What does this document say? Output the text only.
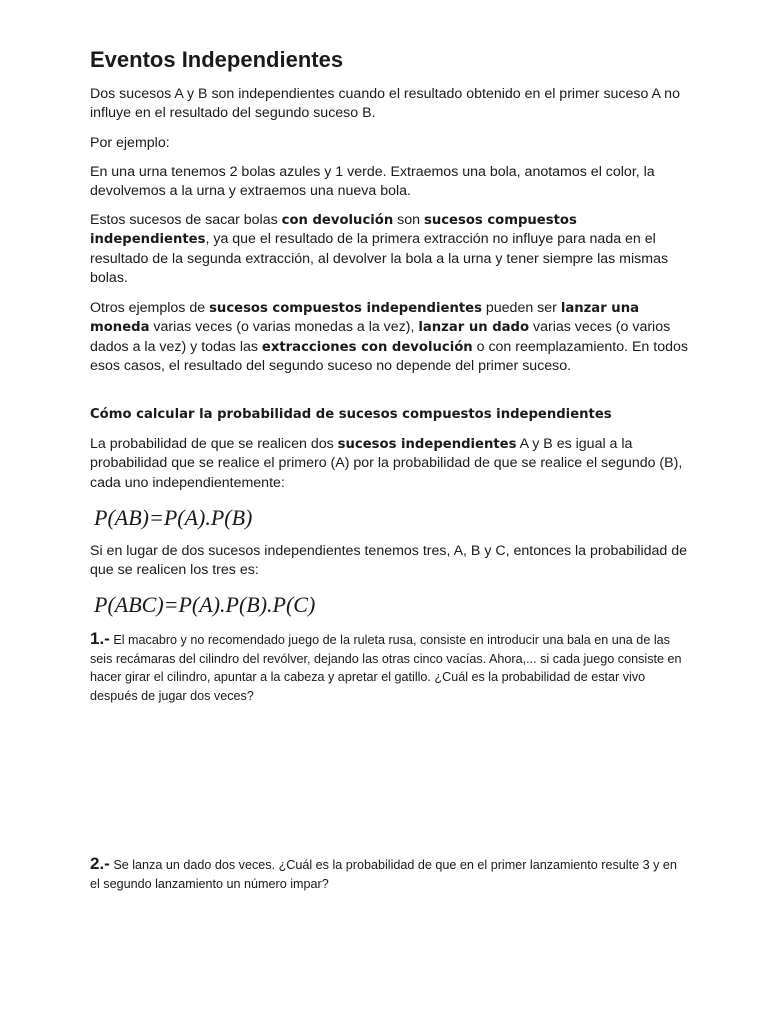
Eventos Independientes

Dos sucesos A y B son independientes cuando el resultado obtenido en el primer suceso A no influye en el resultado del segundo suceso B.

Por ejemplo:

En una urna tenemos 2 bolas azules y 1 verde. Extraemos una bola, anotamos el color, la devolvemos a la urna y extraemos una nueva bola.

Estos sucesos de sacar bolas con devolución son sucesos compuestos independientes, ya que el resultado de la primera extracción no influye para nada en el resultado de la segunda extracción, al devolver la bola a la urna y tener siempre las mismas bolas.

Otros ejemplos de sucesos compuestos independientes pueden ser lanzar una moneda varias veces (o varias monedas a la vez), lanzar un dado varias veces (o varios dados a la vez) y todas las extracciones con devolución o con reemplazamiento. En todos esos casos, el resultado del segundo suceso no depende del primer suceso.

Cómo calcular la probabilidad de sucesos compuestos independientes

La probabilidad de que se realicen dos sucesos independientes A y B es igual a la probabilidad que se realice el primero (A) por la probabilidad de que se realice el segundo (B), cada uno independientemente:

P(AB)=P(A).P(B)

Si en lugar de dos sucesos independientes tenemos tres, A, B y C, entonces la probabilidad de que se realicen los tres es:

P(ABC)=P(A).P(B).P(C)

1.- El macabro y no recomendado juego de la ruleta rusa, consiste en introducir una bala en una de las seis recámaras del cilindro del revólver, dejando las otras cinco vacías. Ahora,... si cada juego consiste en hacer girar el cilindro, apuntar a la cabeza y apretar el gatillo. ¿Cuál es la probabilidad de estar vivo después de jugar dos veces?

2.- Se lanza un dado dos veces. ¿Cuál es la probabilidad de que en el primer lanzamiento resulte 3 y en el segundo lanzamiento un número impar?
